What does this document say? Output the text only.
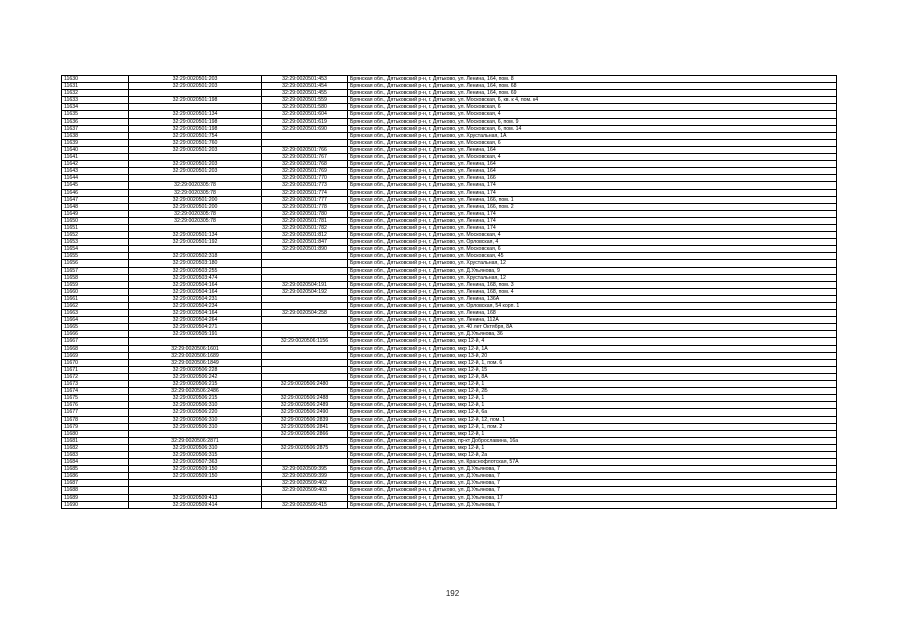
11630	32:29:0020501:203	32:29:0020501:453	Брянская обл., Дятьковский р-н, г. Дятьково, ул. Ленина, 164, пом. 8
11631	32:29:0020501:203	32:29:0020501:454	Брянская обл., Дятьковский р-н, г. Дятьково, ул. Ленина, 164, пом. 68
11632		32:29:0020501:455	Брянская обл., Дятьковский р-н, г. Дятьково, ул. Ленина, 164, пом. 69
11633	32:29:0020501:198	32:29:0020501:559	Брянская обл., Дятьковский р-н, г. Дятьково, ул. Московская, 6, кв. к 4, пом. к4
11634		32:29:0020501:580	Брянская обл., Дятьковский р-н, г. Дятьково, ул. Московская, 6
11635	32:29:0020501:134	32:29:0020501:604	Брянская обл., Дятьковский р-н, г. Дятьково, ул. Московская, 4
11636	32:29:0020501:198	32:29:0020501:619	Брянская обл., Дятьковский р-н, г. Дятьково, ул. Московская, 6, пом. 9
11637	32:29:0020501:198	32:29:0020501:690	Брянская обл., Дятьковский р-н, г. Дятьково, ул. Московская, 6, пом. 14
11638	32:29:0020501:754		Брянская обл., Дятьковский р-н, г. Дятьково, ул. Хрустальная, 1А
11639	32:29:0020501:760		Брянская обл., Дятьковский р-н, г. Дятьково, ул. Московская, 6
11640	32:29:0020501:203	32:29:0020501:766	Брянская обл., Дятьковский р-н, г. Дятьково, ул. Ленина, 164
11641		32:29:0020501:767	Брянская обл., Дятьковский р-н, г. Дятьково, ул. Московская, 4
11642	32:29:0020501:203	32:29:0020501:768	Брянская обл., Дятьковский р-н, г. Дятьково, ул. Ленина, 164
11643	32:29:0020501:203	32:29:0020501:769	Брянская обл., Дятьковский р-н, г. Дятьково, ул. Ленина, 164
11644		32:29:0020501:770	Брянская обл., Дятьковский р-н, г. Дятьково, ул. Ленина, 166
11645	32:29:0020305:78	32:29:0020501:773	Брянская обл., Дятьковский р-н, г. Дятьково, ул. Ленина, 174
11646	32:29:0020305:78	32:29:0020501:774	Брянская обл., Дятьковский р-н, г. Дятьково, ул. Ленина, 174
11647	32:29:0020501:200	32:29:0020501:777	Брянская обл., Дятьковский р-н, г. Дятьково, ул. Ленина, 166, пом. 1
11648	32:29:0020501:200	32:29:0020501:778	Брянская обл., Дятьковский р-н, г. Дятьково, ул. Ленина, 166, пом. 2
11649	32:29:0020305:78	32:29:0020501:780	Брянская обл., Дятьковский р-н, г. Дятьково, ул. Ленина, 174
11650	32:29:0020305:78	32:29:0020501:781	Брянская обл., Дятьковский р-н, г. Дятьково, ул. Ленина, 174
11651		32:29:0020501:782	Брянская обл., Дятьковский р-н, г. Дятьково, ул. Ленина, 174
11652	32:29:0020501:134	32:29:0020501:812	Брянская обл., Дятьковский р-н, г. Дятьково, ул. Московская, 4
11653	32:29:0020501:192	32:29:0020501:847	Брянская обл., Дятьковский р-н, г. Дятьково, ул. Орловская, 4
11654		32:29:0020501:890	Брянская обл., Дятьковский р-н, г. Дятьково, ул. Московская, 6
11655	32:29:0020502:318		Брянская обл., Дятьковский р-н, г. Дятьково, ул. Московская, 45
11656	32:29:0020503:180		Брянская обл., Дятьковский р-н, г. Дятьково, ул. Хрустальная, 12
11657	32:29:0020503:255		Брянская обл., Дятьковский р-н, г. Дятьково, ул. Д.Ульянова, 9
11658	32:29:0020503:474		Брянская обл., Дятьковский р-н, г. Дятьково, ул. Хрустальная, 12
11659	32:29:0020504:164	32:29:0020504:191	Брянская обл., Дятьковский р-н, г. Дятьково, ул. Ленина, 168, пом. 3
11660	32:29:0020504:164	32:29:0020504:192	Брянская обл., Дятьковский р-н, г. Дятьково, ул. Ленина, 168, пом. 4
11661	32:29:0020504:231		Брянская обл., Дятьковский р-н, г. Дятьково, ул. Ленина, 136А
11662	32:29:0020504:234		Брянская обл., Дятьковский р-н, г. Дятьково, ул. Орловская, 54 корп. 1
11663	32:29:0020504:164	32:29:0020504:258	Брянская обл., Дятьковский р-н, г. Дятьково, ул. Ленина, 168
11664	32:29:0020504:264		Брянская обл., Дятьковский р-н, г. Дятьково, ул. Ленина, 112А
11665	32:29:0020504:271		Брянская обл., Дятьковский р-н, г. Дятьково, ул. 40 лет Октября, 8А
11666	32:29:0020505:191		Брянская обл., Дятьковский р-н, г. Дятьково, ул. Д.Ульянова, 36
11667		32:29:0020506:1156	Брянская обл., Дятьковский р-н, г. Дятьково, мкр 12-й, 4
11668	32:29:0020506:1601		Брянская обл., Дятьковский р-н, г. Дятьково, мкр 12-й, 1А
11669	32:29:0020506:1689		Брянская обл., Дятьковский р-н, г. Дятьково, мкр 13-й, 20
11670	32:29:0020506:1849		Брянская обл., Дятьковский р-н, г. Дятьково, мкр 12-й, 1, пом. 6
11671	32:29:0020506:228		Брянская обл., Дятьковский р-н, г. Дятьково, мкр 12-й, 15
11672	32:29:0020506:242		Брянская обл., Дятьковский р-н, г. Дятьково, мкр 12-й, 8А
11673	32:29:0020506:215	32:29:0020506:2480	Брянская обл., Дятьковский р-н, г. Дятьково, мкр 12-й, 1
11674	32:29:0020506:2486		Брянская обл., Дятьковский р-н, г. Дятьково, мкр 12-й, 2Б
11675	32:29:0020506:215	32:29:0020506:2488	Брянская обл., Дятьковский р-н, г. Дятьково, мкр 12-й, 1
11676	32:29:0020506:310	32:29:0020506:2489	Брянская обл., Дятьковский р-н, г. Дятьково, мкр 12-й, 1
11677	32:29:0020506:220	32:29:0020506:2490	Брянская обл., Дятьковский р-н, г. Дятьково, мкр 12-й, 6а
11678	32:29:0020506:310	32:29:0020506:2839	Брянская обл., Дятьковский р-н, г. Дятьково, мкр 12-й, 12, пом. 1
11679	32:29:0020506:310	32:29:0020506:2841	Брянская обл., Дятьковский р-н, г. Дятьково, мкр 12-й, 1, пом. 2
11680		32:29:0020506:2866	Брянская обл., Дятьковский р-н, г. Дятьково, мкр 12-й, 1
11681	32:29:0020506:2871		Брянская обл., Дятьковский р-н, г. Дятьково, пр-кт Доброславина, 16а
11682	32:29:0020506:310	32:29:0020506:2875	Брянская обл., Дятьковский р-н, г. Дятьково, мкр 12-й, 1
11683	32:29:0020506:315		Брянская обл., Дятьковский р-н, г. Дятьково, мкр 12-й, 2а
11684	32:29:0020507:363		Брянская обл., Дятьковский р-н, г. Дятьково, ул. Краснофлотская, 57А
11685	32:29:0020509:150	32:29:0020509:395	Брянская обл., Дятьковский р-н, г. Дятьково, ул. Д.Ульянова, 7
11686	32:29:0020509:150	32:29:0020509:399	Брянская обл., Дятьковский р-н, г. Дятьково, ул. Д.Ульянова, 7
11687		32:29:0020509:402	Брянская обл., Дятьковский р-н, г. Дятьково, ул. Д.Ульянова, 7
11688		32:29:0020509:403	Брянская обл., Дятьковский р-н, г. Дятьково, ул. Д.Ульянова, 7
11689	32:29:0020509:413		Брянская обл., Дятьковский р-н, г. Дятьково, ул. Д.Ульянова, 17
11690	32:29:0020509:414	32:29:0020509:415	Брянская обл., Дятьковский р-н, г. Дятьково, ул. Д.Ульянова, 7
192
